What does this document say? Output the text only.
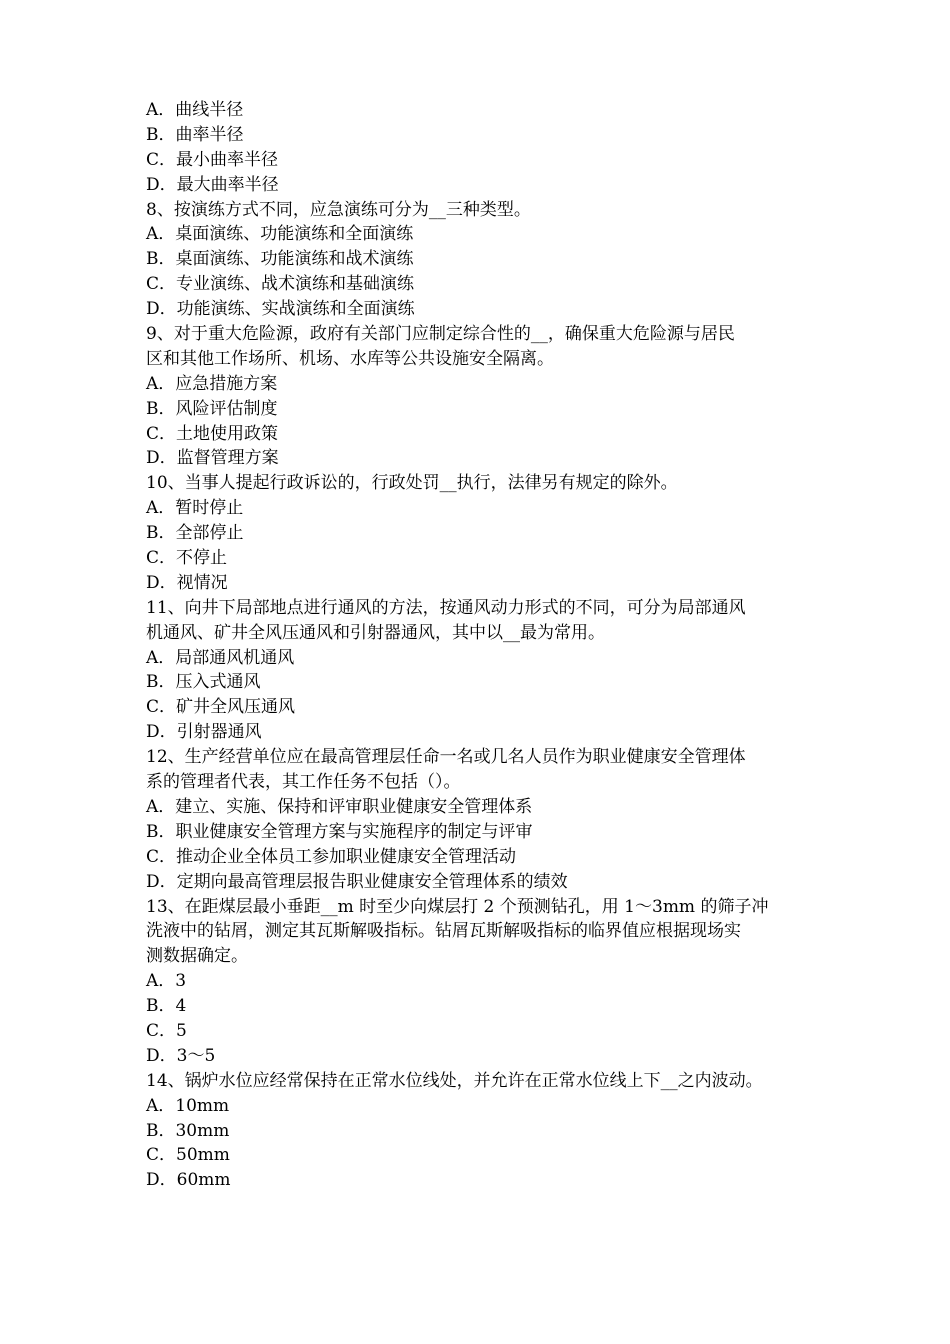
A．曲线半径
B．曲率半径
C．最小曲率半径
D．最大曲率半径
8、按演练方式不同，应急演练可分为__三种类型。
A．桌面演练、功能演练和全面演练
B．桌面演练、功能演练和战术演练
C．专业演练、战术演练和基础演练
D．功能演练、实战演练和全面演练
9、对于重大危险源，政府有关部门应制定综合性的__，确保重大危险源与居民
区和其他工作场所、机场、水库等公共设施安全隔离。
A．应急措施方案
B．风险评估制度
C．土地使用政策
D．监督管理方案
10、当事人提起行政诉讼的，行政处罚__执行，法律另有规定的除外。
A．暂时停止
B．全部停止
C．不停止
D．视情况
11、向井下局部地点进行通风的方法，按通风动力形式的不同，可分为局部通风
机通风、矿井全风压通风和引射器通风，其中以__最为常用。
A．局部通风机通风
B．压入式通风
C．矿井全风压通风
D．引射器通风
12、生产经营单位应在最高管理层任命一名或几名人员作为职业健康安全管理体
系的管理者代表，其工作任务不包括（）。
A．建立、实施、保持和评审职业健康安全管理体系
B．职业健康安全管理方案与实施程序的制定与评审
C．推动企业全体员工参加职业健康安全管理活动
D．定期向最高管理层报告职业健康安全管理体系的绩效
13、在距煤层最小垂距__m 时至少向煤层打 2 个预测钻孔，用 1～3mm 的筛子冲
洗液中的钻屑，测定其瓦斯解吸指标。钻屑瓦斯解吸指标的临界值应根据现场实
测数据确定。
A．3
B．4
C．5
D．3～5
14、锅炉水位应经常保持在正常水位线处，并允许在正常水位线上下__之内波动。
A．10mm
B．30mm
C．50mm
D．60mm
